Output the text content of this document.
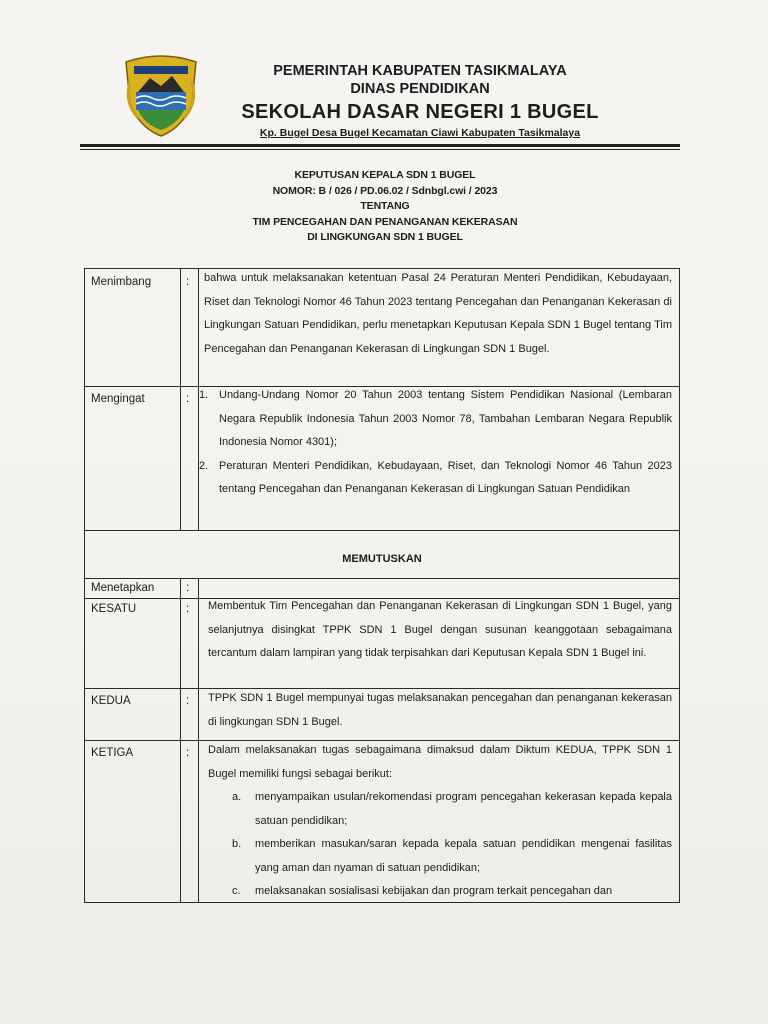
PEMERINTAH KABUPATEN TASIKMALAYA
DINAS PENDIDIKAN
SEKOLAH DASAR NEGERI 1 BUGEL
Kp. Bugel Desa Bugel Kecamatan Ciawi Kabupaten Tasikmalaya
KEPUTUSAN KEPALA SDN 1 BUGEL
NOMOR: B / 026 / PD.06.02 / Sdnbgl.cwi / 2023
TENTANG
TIM PENCEGAHAN DAN PENANGANAN KEKERASAN
DI LINGKUNGAN SDN 1 BUGEL
Menimbang	: bahwa untuk melaksanakan ketentuan Pasal 24 Peraturan Menteri Pendidikan, Kebudayaan, Riset dan Teknologi Nomor 46 Tahun 2023 tentang Pencegahan dan Penanganan Kekerasan di Lingkungan Satuan Pendidikan, perlu menetapkan Keputusan Kepala SDN 1 Bugel tentang Tim Pencegahan dan Penanganan Kekerasan di Lingkungan SDN 1 Bugel.

Mengingat	: 1. Undang-Undang Nomor 20 Tahun 2003 tentang Sistem Pendidikan Nasional (Lembaran Negara Republik Indonesia Tahun 2003 Nomor 78, Tambahan Lembaran Negara Republik Indonesia Nomor 4301);

2. Peraturan Menteri Pendidikan, Kebudayaan, Riset, dan Teknologi Nomor 46 Tahun 2023 tentang Pencegahan dan Penanganan Kekerasan di Lingkungan Satuan Pendidikan

MEMUTUSKAN
Menetapkan	:
KESATU	: Membentuk Tim Pencegahan dan Penanganan Kekerasan di Lingkungan SDN 1 Bugel, yang selanjutnya disingkat TPPK SDN 1 Bugel dengan susunan keanggotaan sebagaimana tercantum dalam lampiran yang tidak terpisahkan dari Keputusan Kepala SDN 1 Bugel ini.

KEDUA	: TPPK SDN 1 Bugel mempunyai tugas melaksanakan pencegahan dan penanganan kekerasan di lingkungan SDN 1 Bugel.

KETIGA	: Dalam melaksanakan tugas sebagaimana dimaksud dalam Diktum KEDUA, TPPK SDN 1 Bugel memiliki fungsi sebagai berikut:

a. menyampaikan usulan/rekomendasi program pencegahan kekerasan kepada kepala satuan pendidikan;

b. memberikan masukan/saran kepada kepala satuan pendidikan mengenai fasilitas yang aman dan nyaman di satuan pendidikan;

c. melaksanakan sosialisasi kebijakan dan program terkait pencegahan dan
